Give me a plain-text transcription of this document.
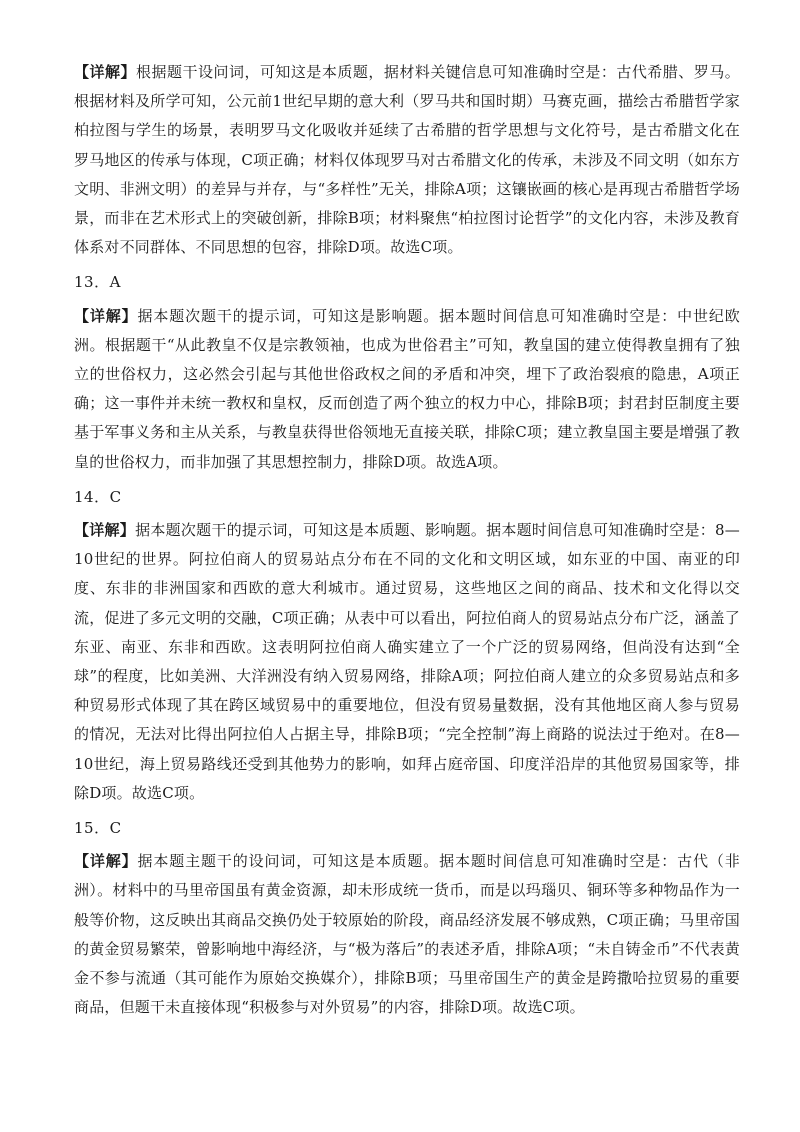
【详解】根据题干设问词，可知这是本质题，据材料关键信息可知准确时空是：古代希腊、罗马。根据材料及所学可知，公元前1世纪早期的意大利（罗马共和国时期）马赛克画，描绘古希腊哲学家柏拉图与学生的场景，表明罗马文化吸收并延续了古希腊的哲学思想与文化符号，是古希腊文化在罗马地区的传承与体现，C项正确；材料仅体现罗马对古希腊文化的传承，未涉及不同文明（如东方文明、非洲文明）的差异与并存，与“多样性”无关，排除A项；这镶嵌画的核心是再现古希腊哲学场景，而非在艺术形式上的突破创新，排除B项；材料聚焦“柏拉图讨论哲学”的文化内容，未涉及教育体系对不同群体、不同思想的包容，排除D项。故选C项。

13．A

【详解】据本题次题干的提示词，可知这是影响题。据本题时间信息可知准确时空是：中世纪欧洲。根据题干“从此教皇不仅是宗教领袖，也成为世俗君主”可知，教皇国的建立使得教皇拥有了独立的世俗权力，这必然会引起与其他世俗政权之间的矛盾和冲突，埋下了政治裂痕的隐患，A项正确；这一事件并未统一教权和皇权，反而创造了两个独立的权力中心，排除B项；封君封臣制度主要基于军事义务和主从关系，与教皇获得世俗领地无直接关联，排除C项；建立教皇国主要是增强了教皇的世俗权力，而非加强了其思想控制力，排除D项。故选A项。

14．C

【详解】据本题次题干的提示词，可知这是本质题、影响题。据本题时间信息可知准确时空是：8—10世纪的世界。阿拉伯商人的贸易站点分布在不同的文化和文明区域，如东亚的中国、南亚的印度、东非的非洲国家和西欧的意大利城市。通过贸易，这些地区之间的商品、技术和文化得以交流，促进了多元文明的交融，C项正确；从表中可以看出，阿拉伯商人的贸易站点分布广泛，涵盖了东亚、南亚、东非和西欧。这表明阿拉伯商人确实建立了一个广泛的贸易网络，但尚没有达到“全球”的程度，比如美洲、大洋洲没有纳入贸易网络，排除A项；阿拉伯商人建立的众多贸易站点和多种贸易形式体现了其在跨区域贸易中的重要地位，但没有贸易量数据，没有其他地区商人参与贸易的情况，无法对比得出阿拉伯人占据主导，排除B项；“完全控制”海上商路的说法过于绝对。在8—10世纪，海上贸易路线还受到其他势力的影响，如拜占庭帝国、印度洋沿岸的其他贸易国家等，排除D项。故选C项。

15．C

【详解】据本题主题干的设问词，可知这是本质题。据本题时间信息可知准确时空是：古代（非洲）。材料中的马里帝国虽有黄金资源，却未形成统一货币，而是以玛瑙贝、铜环等多种物品作为一般等价物，这反映出其商品交换仍处于较原始的阶段，商品经济发展不够成熟，C项正确；马里帝国的黄金贸易繁荣，曾影响地中海经济，与“极为落后”的表述矛盾，排除A项；“未自铸金币”不代表黄金不参与流通（其可能作为原始交换媒介），排除B项；马里帝国生产的黄金是跨撒哈拉贸易的重要商品，但题干未直接体现“积极参与对外贸易”的内容，排除D项。故选C项。
